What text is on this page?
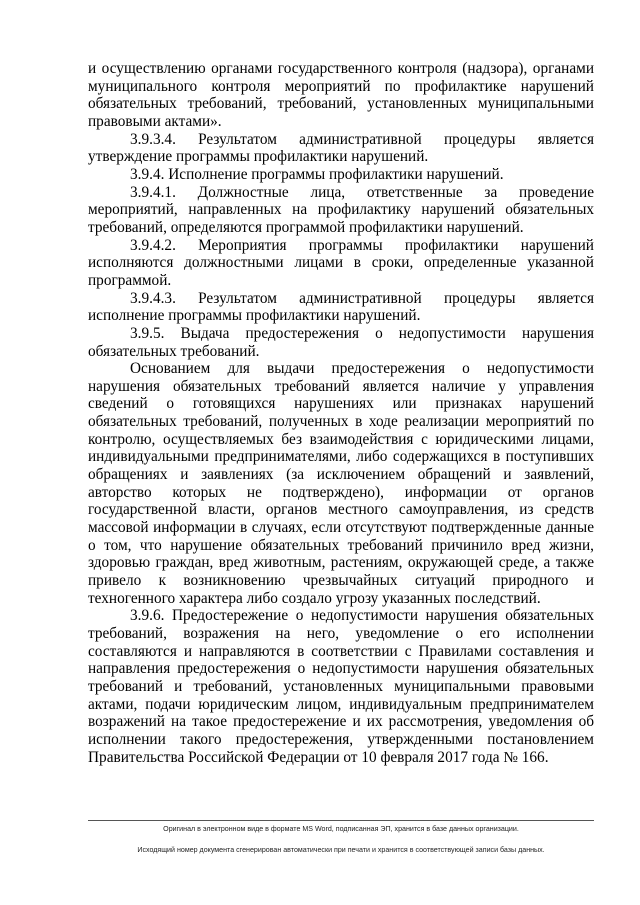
и осуществлению органами государственного контроля (надзора), органами муниципального контроля мероприятий по профилактике нарушений обязательных требований, требований, установленных муниципальными правовыми актами».

3.9.3.4. Результатом административной процедуры является утверждение программы профилактики нарушений.

3.9.4. Исполнение программы профилактики нарушений.

3.9.4.1. Должностные лица, ответственные за проведение мероприятий, направленных на профилактику нарушений обязательных требований, определяются программой профилактики нарушений.

3.9.4.2. Мероприятия программы профилактики нарушений исполняются должностными лицами в сроки, определенные указанной программой.

3.9.4.3. Результатом административной процедуры является исполнение программы профилактики нарушений.

3.9.5. Выдача предостережения о недопустимости нарушения обязательных требований.

Основанием для выдачи предостережения о недопустимости нарушения обязательных требований является наличие у управления сведений о готовящихся нарушениях или признаках нарушений обязательных требований, полученных в ходе реализации мероприятий по контролю, осуществляемых без взаимодействия с юридическими лицами, индивидуальными предпринимателями, либо содержащихся в поступивших обращениях и заявлениях (за исключением обращений и заявлений, авторство которых не подтверждено), информации от органов государственной власти, органов местного самоуправления, из средств массовой информации в случаях, если отсутствуют подтвержденные данные о том, что нарушение обязательных требований причинило вред жизни, здоровью граждан, вред животным, растениям, окружающей среде, а также привело к возникновению чрезвычайных ситуаций природного и техногенного характера либо создало угрозу указанных последствий.

3.9.6. Предостережение о недопустимости нарушения обязательных требований, возражения на него, уведомление о его исполнении составляются и направляются в соответствии с Правилами составления и направления предостережения о недопустимости нарушения обязательных требований и требований, установленных муниципальными правовыми актами, подачи юридическим лицом, индивидуальным предпринимателем возражений на такое предостережение и их рассмотрения, уведомления об исполнении такого предостережения, утвержденными постановлением Правительства Российской Федерации от 10 февраля 2017 года № 166.

Оригинал в электронном виде в формате MS Word, подписанная ЭП, хранится в базе данных организации.
Исходящий номер документа сгенерирован автоматически при печати и хранится в соответствующей записи базы данных.
